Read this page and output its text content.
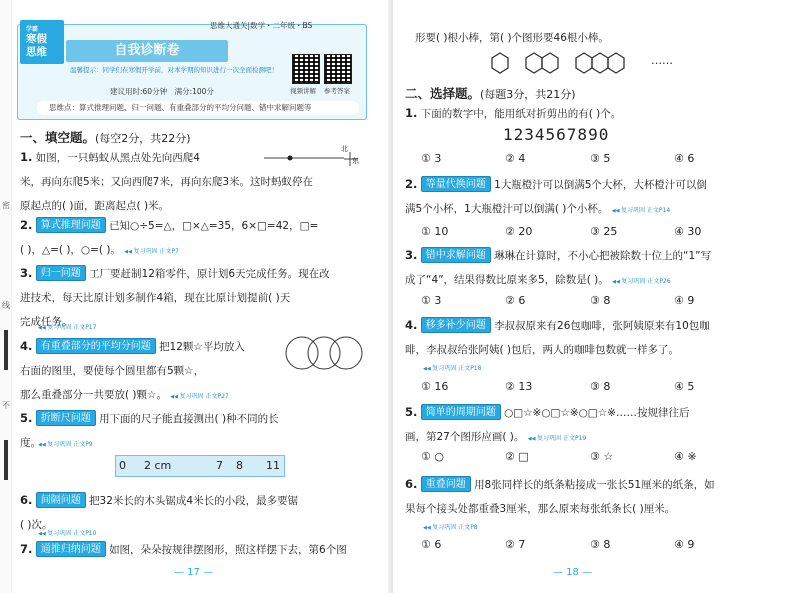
密
线
不
学霸
寒假
思维
思维大通关|数学・二年级・BS
自我诊断卷
温馨提示：同学们在寒假开学前，对本学期的知识进行一次全面检测吧！
视频讲解 参考答案
建议用时:60分钟　 满分:100分
思维点：算式推理问题、归一问题、有重叠部分的平均分问题、错中求解问题等
一、填空题。(每空2分，共22分)
1. 如图，一只蚂蚁从黑点处先向西爬4
米，再向东爬5米；又向西爬7米，再向东爬3米。这时蚂蚁停在
原起点的( )面，距离起点( )米。
北
东
2. 算式推理问题 已知○÷5=△，□×△=35，6×□=42，□=
( )，△=( )，○=( )。 ◀◀ 复习巩固 正文P7
3. 归一问题 工厂要赶制12箱零件，原计划6天完成任务。现在改
进技术，每天比原计划多制作4箱，现在比原计划提前( )天
完成任务。

◀◀ 复习巩固 正文P17
4. 有重叠部分的平均分问题 把12颗☆平均放入
右面的图里，要使每个圆里都有5颗☆，
那么重叠部分一共要放( )颗☆。 ◀◀ 复习巩固 正文P27
5. 折断尺问题 用下面的尺子能直接测出( )种不同的长
度。	◀◀ 复习巩固 正文P9
0 2 cm	7 8 11
6. 间隔问题 把32米长的木头锯成4米长的小段，最多要锯
( )次。
◀◀ 复习巩固 正文P10
7. 通推归纳问题 如图，朵朵按规律摆图形，照这样摆下去，第6个图
— 17 —
形要( )根小棒，第( )个图形要46根小棒。
……
二、选择题。(每题3分，共21分)
1. 下面的数字中，能用纸对折剪出的有( )个。
1234567890
① 3	② 4	③ 5	④ 6
2. 等量代换问题 1大瓶橙汁可以倒满5个大杯，大杯橙汁可以倒
满5个小杯，1大瓶橙汁可以倒满( )个小杯。 ◀◀ 复习巩固 正文P14
① 10	② 20	③ 25	④ 30
3. 错中求解问题 琳琳在计算时，不小心把被除数十位上的“1”写
成了“4”，结果得数比原来多5，除数是( )。 ◀◀ 复习巩固 正文P26
① 3	② 6	③ 8	④ 9
4. 移多补少问题 李叔叔原来有26包咖啡，张阿姨原来有10包咖
啡，李叔叔给张阿姨( )包后，两人的咖啡包数就一样多了。
◀◀ 复习巩固 正文P18
① 16	② 13	③ 8	④ 5
5. 简单的周期问题 ○□☆※○□☆※○□☆※……按规律往后
画，第27个图形应画( )。 ◀◀ 复习巩固 正文P19
① ○	② □	③ ☆	④ ※
6. 重叠问题 用8张同样长的纸条粘接成一张长51厘米的纸条，如
果每个接头处都重叠3厘米，那么原来每张纸条长( )厘米。
◀◀ 复习巩固 正文P8
① 6	② 7	③ 8	④ 9
— 18 —
